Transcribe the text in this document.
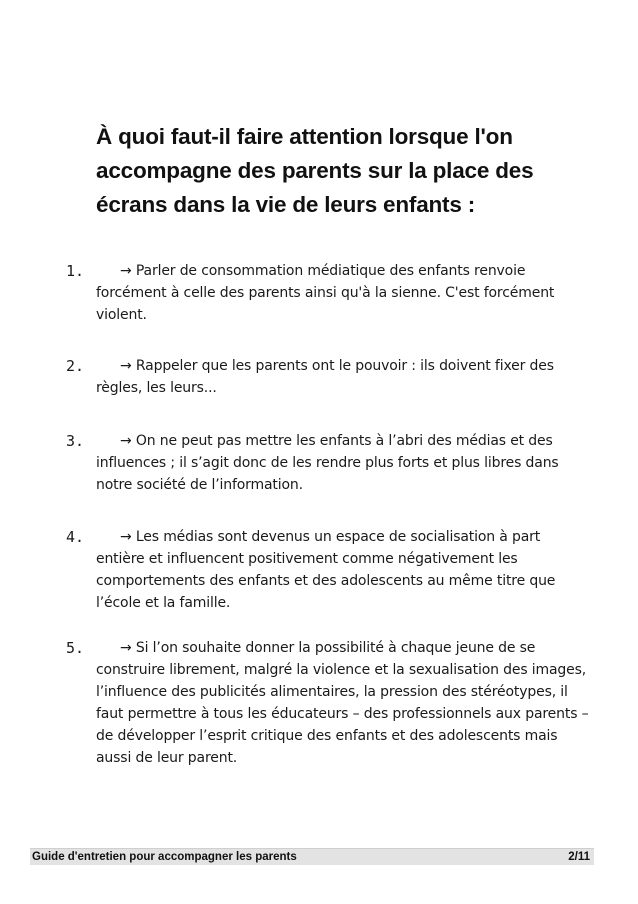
À quoi faut-il faire attention lorsque l'on accompagne des parents sur la place des écrans dans la vie de leurs enfants :
1.	→ Parler de consommation médiatique des enfants renvoie forcément à celle des parents ainsi qu'à la sienne. C'est forcément violent.
2.	→ Rappeler que les parents ont le pouvoir : ils doivent fixer des règles, les leurs...
3.	→ On ne peut pas mettre les enfants à l’abri des médias et des influences ; il s’agit donc de les rendre plus forts et plus libres dans notre société de l’information.
4.	→ Les médias sont devenus un espace de socialisation à part entière et influencent positivement comme négativement les comportements des enfants et des adolescents au même titre que l’école et la famille.
5.	→ Si l’on souhaite donner la possibilité à chaque jeune de se construire librement, malgré la violence et la sexualisation des images, l’influence des publicités alimentaires, la pression des stéréotypes, il faut permettre à tous les éducateurs – des professionnels aux parents – de développer l’esprit critique des enfants et des adolescents mais aussi de leur parent.
Guide d'entretien pour accompagner les parents	2/11
